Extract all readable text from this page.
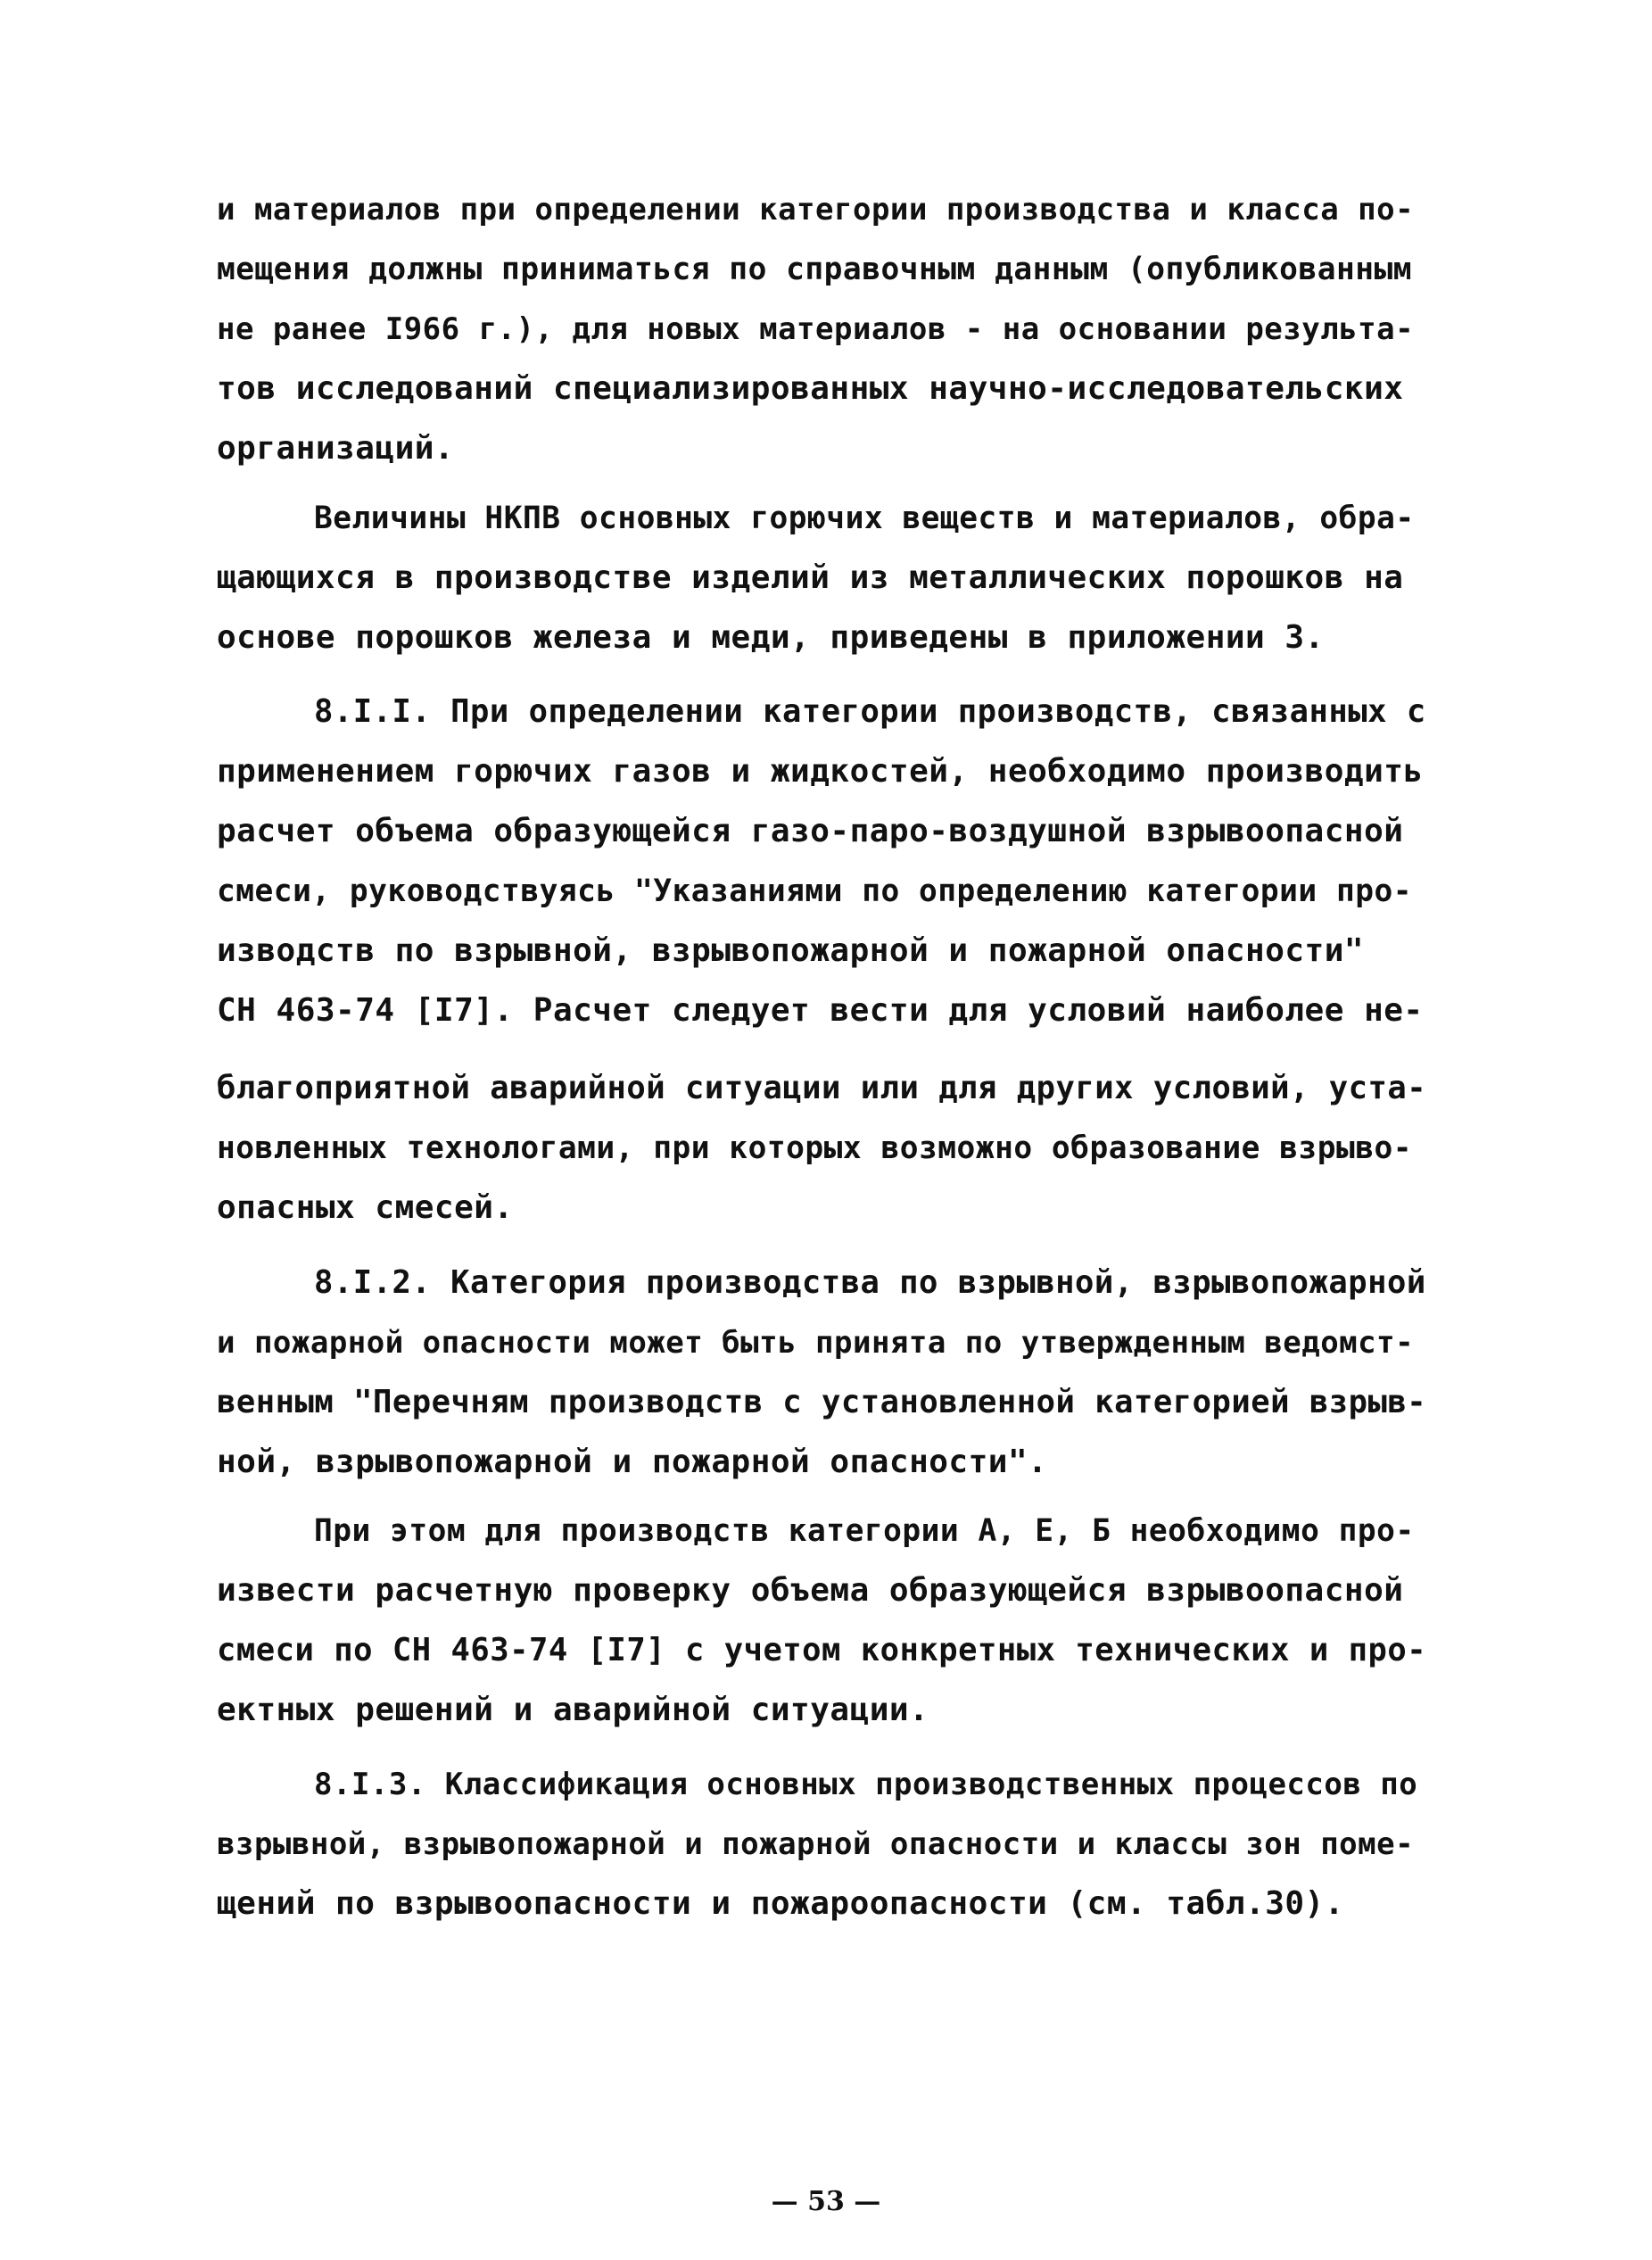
и материалов при определении категории производства и класса по-
мещения должны приниматься по справочным данным (опубликованным
не ранее I966 г.), для новых материалов - на основании результа-
тов исследований специализированных научно-исследовательских
организаций.
Величины НКПВ основных горючих веществ и материалов, обра-
щающихся в производстве изделий из металлических порошков на
основе порошков железа и меди, приведены в приложении 3.
8.I.I. При определении категории производств, связанных с
применением горючих газов и жидкостей, необходимо производить
расчет объема образующейся газо-паро-воздушной взрывоопасной
смеси, руководствуясь "Указаниями по определению категории про-
изводств по взрывной, взрывопожарной и пожарной опасности"
СН 463-74 [I7]. Расчет следует вести для условий наиболее не-
благоприятной аварийной ситуации или для других условий, уста-
новленных технологами, при которых возможно образование взрыво-
опасных смесей.
8.I.2. Категория производства по взрывной, взрывопожарной
и пожарной опасности может быть принята по утвержденным ведомст-
венным "Перечням производств с установленной категорией взрыв-
ной, взрывопожарной и пожарной опасности".
При этом для производств категории А, Е, Б необходимо про-
извести расчетную проверку объема образующейся взрывоопасной
смеси по СН 463-74 [I7] с учетом конкретных технических и про-
ектных решений и аварийной ситуации.
8.I.3. Классификация основных производственных процессов по
взрывной, взрывопожарной и пожарной опасности и классы зон поме-
щений по взрывоопасности и пожароопасности (см. табл.30).
— 53 —
